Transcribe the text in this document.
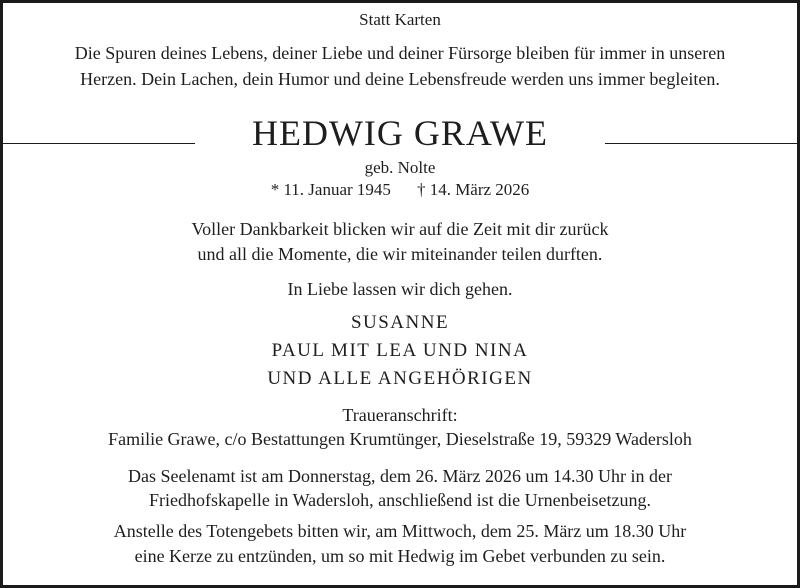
Statt Karten
Die Spuren deines Lebens, deiner Liebe und deiner Fürsorge bleiben für immer in unseren
Herzen. Dein Lachen, dein Humor und deine Lebensfreude werden uns immer begleiten.
HEDWIG GRAWE
geb. Nolte
* 11. Januar 1945 † 14. März 2026
Voller Dankbarkeit blicken wir auf die Zeit mit dir zurück
und all die Momente, die wir miteinander teilen durften.
In Liebe lassen wir dich gehen.
SUSANNE
PAUL MIT LEA UND NINA
UND ALLE ANGEHÖRIGEN
Traueranschrift:
Familie Grawe, c/o Bestattungen Krumtünger, Dieselstraße 19, 59329 Wadersloh
Das Seelenamt ist am Donnerstag, dem 26. März 2026 um 14.30 Uhr in der
Friedhofskapelle in Wadersloh, anschließend ist die Urnenbeisetzung.
Anstelle des Totengebets bitten wir, am Mittwoch, dem 25. März um 18.30 Uhr
eine Kerze zu entzünden, um so mit Hedwig im Gebet verbunden zu sein.
